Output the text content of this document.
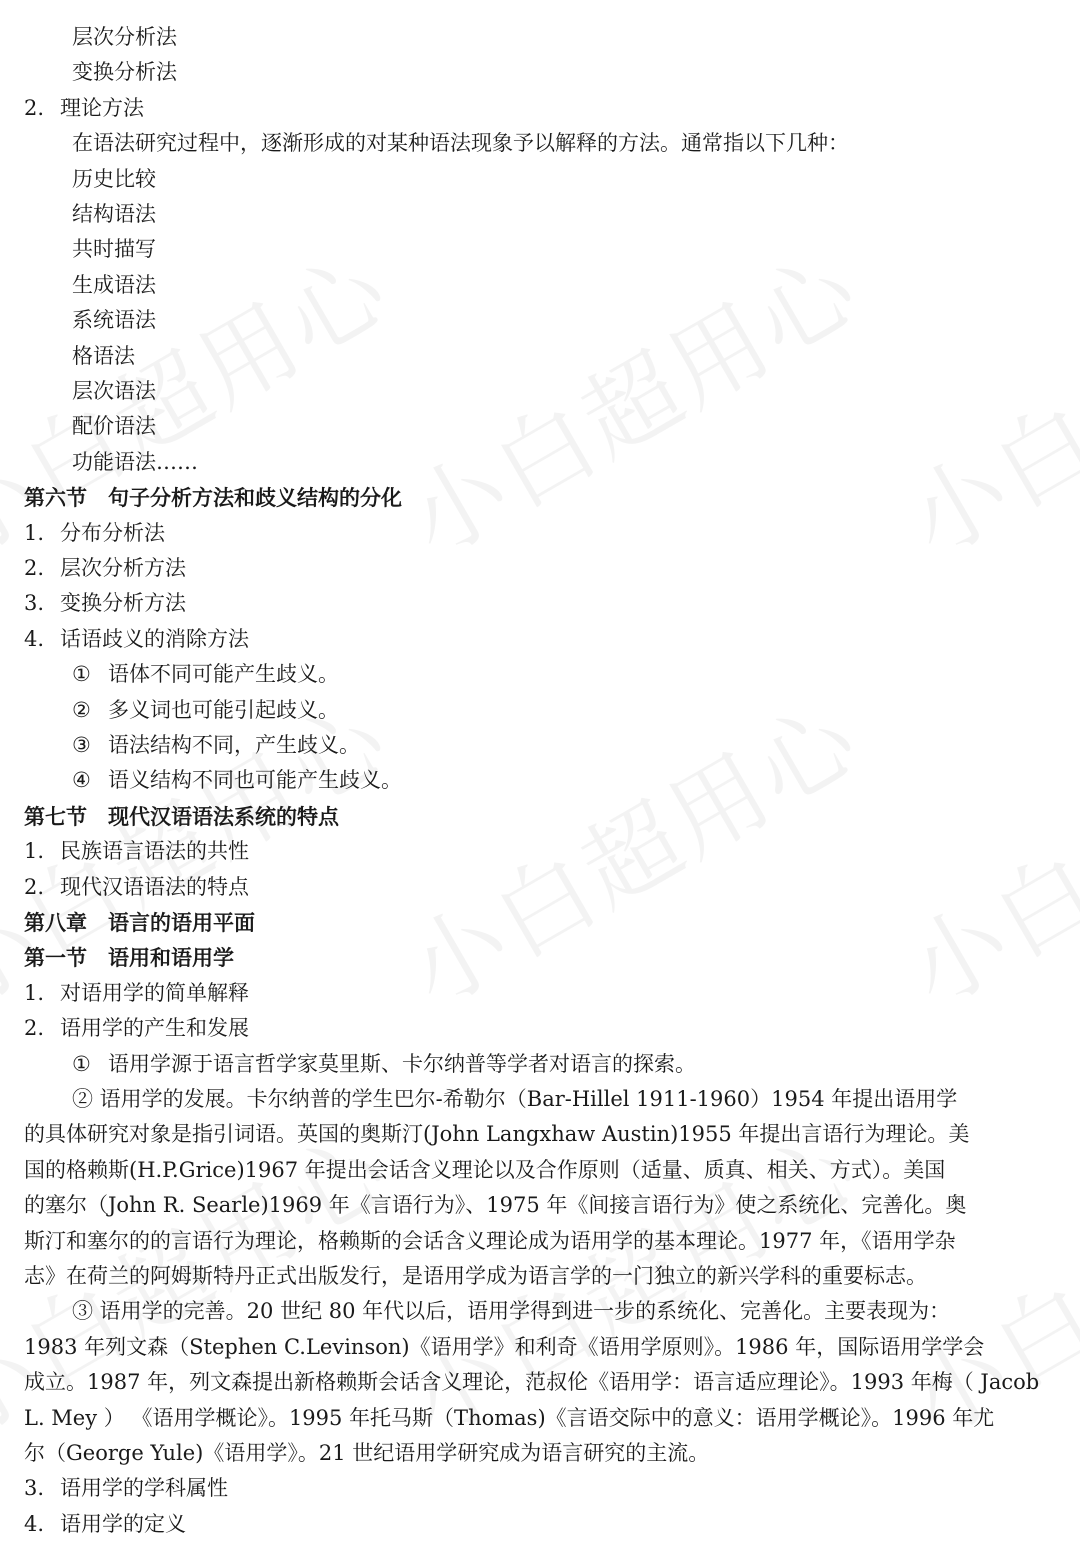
层次分析法
变换分析法
2. 理论方法
在语法研究过程中，逐渐形成的对某种语法现象予以解释的方法。通常指以下几种：
历史比较
结构语法
共时描写
生成语法
系统语法
格语法
层次语法
配价语法
功能语法……
第六节　句子分析方法和歧义结构的分化
1. 分布分析法
2. 层次分析方法
3. 变换分析方法
4. 话语歧义的消除方法
① 语体不同可能产生歧义。
② 多义词也可能引起歧义。
③ 语法结构不同，产生歧义。
④ 语义结构不同也可能产生歧义。
第七节　现代汉语语法系统的特点
1. 民族语言语法的共性
2. 现代汉语语法的特点
第八章　语言的语用平面
第一节　语用和语用学
1. 对语用学的简单解释
2. 语用学的产生和发展
① 语用学源于语言哲学家莫里斯、卡尔纳普等学者对语言的探索。
② 语用学的发展。卡尔纳普的学生巴尔-希勒尔（Bar-Hillel 1911-1960）1954 年提出语用学
的具体研究对象是指引词语。英国的奥斯汀(John Langxhaw Austin)1955 年提出言语行为理论。美
国的格赖斯(H.P.Grice)1967 年提出会话含义理论以及合作原则（适量、质真、相关、方式）。美国
的塞尔（John R. Searle)1969 年《言语行为》、1975 年《间接言语行为》使之系统化、完善化。奥
斯汀和塞尔的的言语行为理论，格赖斯的会话含义理论成为语用学的基本理论。1977 年，《语用学杂
志》在荷兰的阿姆斯特丹正式出版发行，是语用学成为语言学的一门独立的新兴学科的重要标志。
③ 语用学的完善。20 世纪 80 年代以后，语用学得到进一步的系统化、完善化。主要表现为：
1983 年列文森（Stephen C.Levinson)《语用学》和利奇《语用学原则》。1986 年，国际语用学学会
成立。1987 年，列文森提出新格赖斯会话含义理论，范叔伦《语用学：语言适应理论》。1993 年梅（ Jacob
L. Mey ） 《语用学概论》。1995 年托马斯（Thomas)《言语交际中的意义：语用学概论》。1996 年尤
尔（George Yule)《语用学》。21 世纪语用学研究成为语言研究的主流。
3. 语用学的学科属性
4. 语用学的定义
